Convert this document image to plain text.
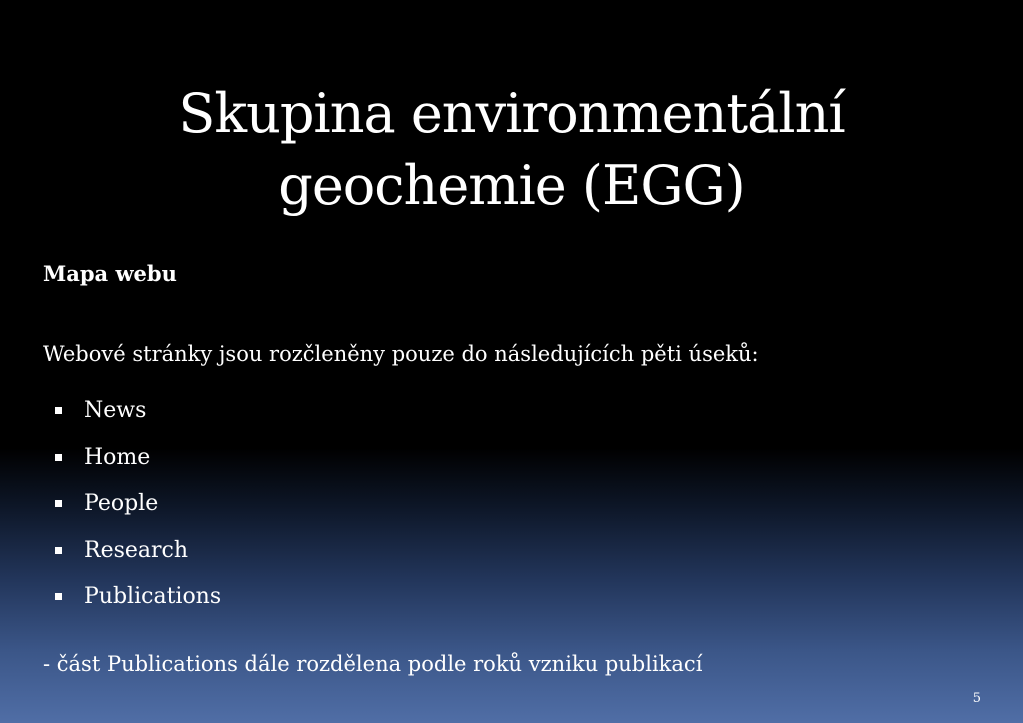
Skupina environmentální
geochemie (EGG)
Mapa webu
Webové stránky jsou rozčleněny pouze do následujících pěti úseků:
News
Home
People
Research
Publications
- část Publications dále rozdělena podle roků vzniku publikací
5
